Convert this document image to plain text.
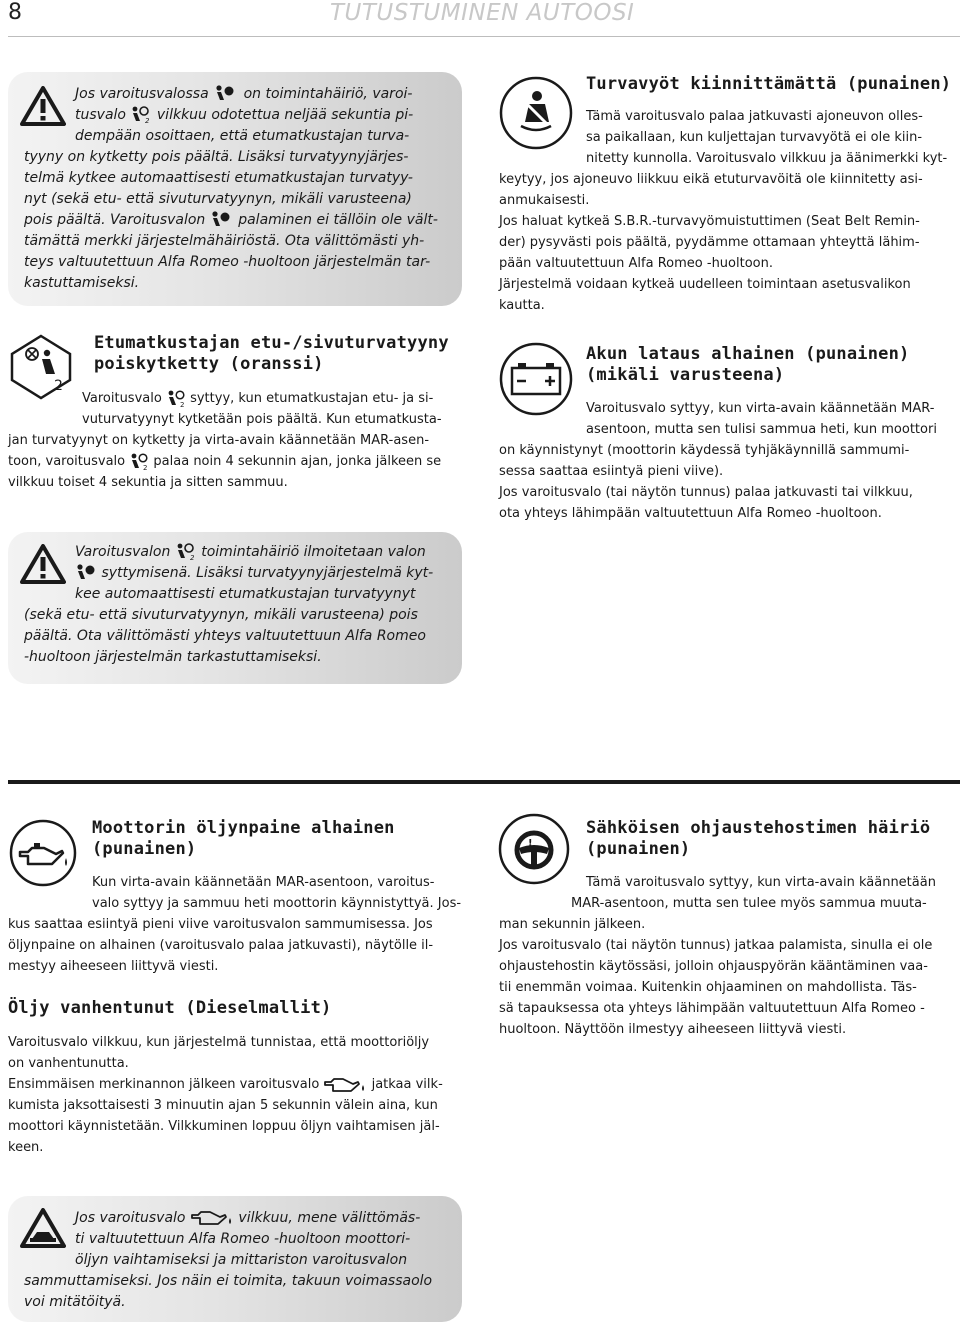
8	TUTUSTUMINEN AUTOOSI
Jos varoitusvalossa on toimintahäiriö, varoi-
tusvalo	2 vilkkuu odotettua neljää sekuntia pi-
dempään osoittaen, että etumatkustajan turva-
tyyny on kytketty pois päältä. Lisäksi turvatyynyjärjes-
telmä kytkee automaattisesti etumatkustajan turvatyy-
nyt (sekä etu- että sivuturvatyynyn, mikäli varusteena)
pois päältä. Varoitusvalon palaminen ei tällöin ole vält-
tämättä merkki järjestelmähäiriöstä. Ota välittömästi yh-
teys valtuutettuun Alfa Romeo -huoltoon järjestelmän tar-
kastuttamiseksi.
2
Etumatkustajan etu-/sivuturvatyyny
poiskytketty (oranssi)
Varoitusvalo	2 syttyy, kun etumatkustajan etu- ja si-
vuturvatyynyt kytketään pois päältä. Kun etumatkusta-
jan turvatyynyt on kytketty ja virta-avain käännetään MAR-asen-
toon, varoitusvalo	2 palaa noin 4 sekunnin ajan, jonka jälkeen se
vilkkuu toiset 4 sekuntia ja sitten sammuu.
Varoitusvalon	2 toimintahäiriö ilmoitetaan valon
syttymisenä. Lisäksi turvatyynyjärjestelmä kyt-
kee automaattisesti etumatkustajan turvatyynyt
(sekä etu- että sivuturvatyynyn, mikäli varusteena) pois
päältä. Ota välittömästi yhteys valtuutettuun Alfa Romeo
-huoltoon järjestelmän tarkastuttamiseksi.
Turvavyöt kiinnittämättä (punainen)
Tämä varoitusvalo palaa jatkuvasti ajoneuvon olles-
sa paikallaan, kun kuljettajan turvavyötä ei ole kiin-
nitetty kunnolla. Varoitusvalo vilkkuu ja äänimerkki kyt-
keytyy, jos ajoneuvo liikkuu eikä etuturvavöitä ole kiinnitetty asi-
anmukaisesti.
Jos haluat kytkeä S.B.R.-turvavyömuistuttimen (Seat Belt Remin-
der) pysyvästi pois päältä, pyydämme ottamaan yhteyttä lähim-
pään valtuutettuun Alfa Romeo -huoltoon.
Järjestelmä voidaan kytkeä uudelleen toimintaan asetusvalikon
kautta.
Akun lataus alhainen (punainen)
(mikäli varusteena)
Varoitusvalo syttyy, kun virta-avain käännetään MAR-
asentoon, mutta sen tulisi sammua heti, kun moottori
on käynnistynyt (moottorin käydessä tyhjäkäynnillä sammumi-
sessa saattaa esiintyä pieni viive).
Jos varoitusvalo (tai näytön tunnus) palaa jatkuvasti tai vilkkuu,
ota yhteys lähimpään valtuutettuun Alfa Romeo -huoltoon.
Moottorin öljynpaine alhainen
(punainen)
Kun virta-avain käännetään MAR-asentoon, varoitus-
valo syttyy ja sammuu heti moottorin käynnistyttyä. Jos-
kus saattaa esiintyä pieni viive varoitusvalon sammumisessa. Jos
öljynpaine on alhainen (varoitusvalo palaa jatkuvasti), näytölle il-
mestyy aiheeseen liittyvä viesti.
Öljy vanhentunut (Dieselmallit)
Varoitusvalo vilkkuu, kun järjestelmä tunnistaa, että moottoriöljy
on vanhentunutta.
Ensimmäisen merkinannon jälkeen varoitusvalo	jatkaa vilk-
kumista jaksottaisesti 3 minuutin ajan 5 sekunnin välein aina, kun
moottori käynnistetään. Vilkkuminen loppuu öljyn vaihtamisen jäl-
keen.
!
Sähköisen ohjaustehostimen häiriö
(punainen)
Tämä varoitusvalo syttyy, kun virta-avain käännetään
MAR-asentoon, mutta sen tulee myös sammua muuta-
man sekunnin jälkeen.
Jos varoitusvalo (tai näytön tunnus) jatkaa palamista, sinulla ei ole
ohjaustehostin käytössäsi, jolloin ohjauspyörän kääntäminen vaa-
tii enemmän voimaa. Kuitenkin ohjaaminen on mahdollista. Täs-
sä tapauksessa ota yhteys lähimpään valtuutettuun Alfa Romeo -
huoltoon. Näyttöön ilmestyy aiheeseen liittyvä viesti.
Jos varoitusvalo	vilkkuu, mene välittömäs-
ti valtuutettuun Alfa Romeo -huoltoon moottori-
öljyn vaihtamiseksi ja mittariston varoitusvalon
sammuttamiseksi. Jos näin ei toimita, takuun voimassaolo
voi mitätöityä.
